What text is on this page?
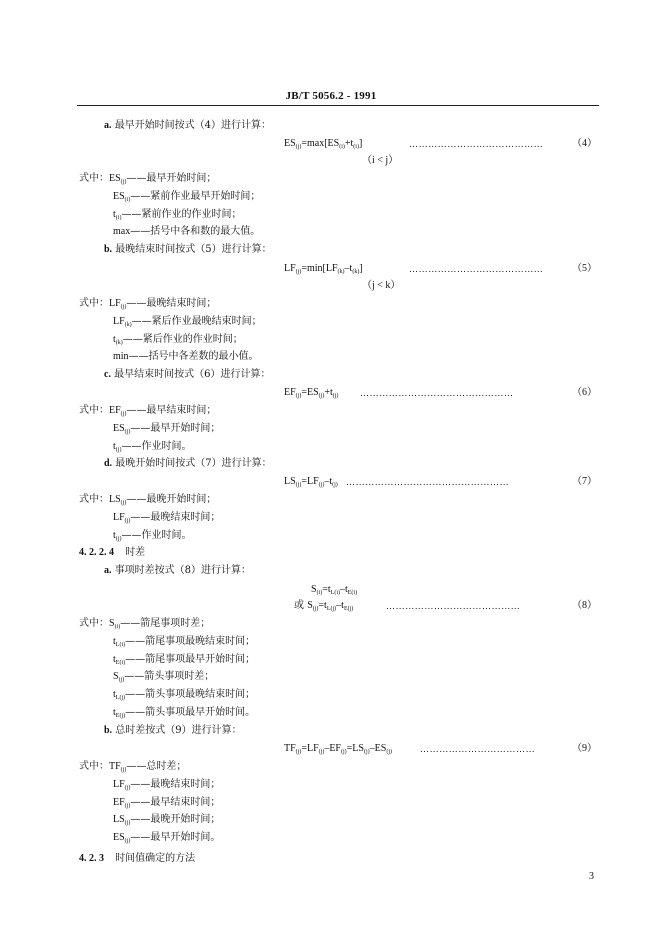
JB/T 5056.2 - 1991
a. 最早开始时间按式（4）进行计算：
$ES_{(j)}=\max[ES_{(i)}+t_{(i)}]$	……………………………………	（4）
（i < j）
式中：$ES_{(j)}——$最早开始时间；
$ES_{(i)}——$紧前作业最早开始时间；
$t_{(i)}——$紧前作业的作业时间；
max——括号中各和数的最大值。
b. 最晚结束时间按式（5）进行计算：
$LF_{(j)}=\min[LF_{(k)}-t_{(k)}]$	……………………………………	（5）
（j < k）
式中：$LF_{(j)}——$最晚结束时间；
$LF_{(k)}——$紧后作业最晚结束时间；
$t_{(k)}——$紧后作业的作业时间；
min——括号中各差数的最小值。
c. 最早结束时间按式（6）进行计算：
$EF_{(j)}=ES_{(j)}+t_{(j)}$ …………………………………………	（6）
式中：$EF_{(j)}——$最早结束时间；
$ES_{(j)}——$最早开始时间；
$t_{(j)}——$作业时间。
d. 最晚开始时间按式（7）进行计算：
$LS_{(j)}=LF_{(j)}-t_{(j)}$ ……………………………………………	（7）
式中：$LS_{(j)}——$最晚开始时间；
$LF_{(j)}——$最晚结束时间；
$t_{(j)}——$作业时间。
4. 2. 2. 4 时差
a. 事项时差按式（8）进行计算：
$S_{(i)}=t_{L(i)}-t_{E(i)}$
或 $S_{(j)}=t_{L(j)}-t_{E(j)}$	……………………………………	（8）
式中：$S_{(i)}——$箭尾事项时差；
$t_{L(i)}——$箭尾事项最晚结束时间；
$t_{E(i)}——$箭尾事项最早开始时间；
$S_{(j)}——$箭头事项时差；
$t_{L(j)}——$箭头事项最晚结束时间；
$t_{E(j)}——$箭头事项最早开始时间。
b. 总时差按式（9）进行计算：
$TF_{(j)}=LF_{(j)}-EF_{(j)}=LS_{(j)}-ES_{(j)}$	………………………………	（9）
式中：$TF_{(j)}——$总时差；
$LF_{(j)}——$最晚结束时间；
$EF_{(j)}——$最早结束时间；
$LS_{(j)}——$最晚开始时间；
$ES_{(j)}——$最早开始时间。
4. 2. 3 时间值确定的方法
3
